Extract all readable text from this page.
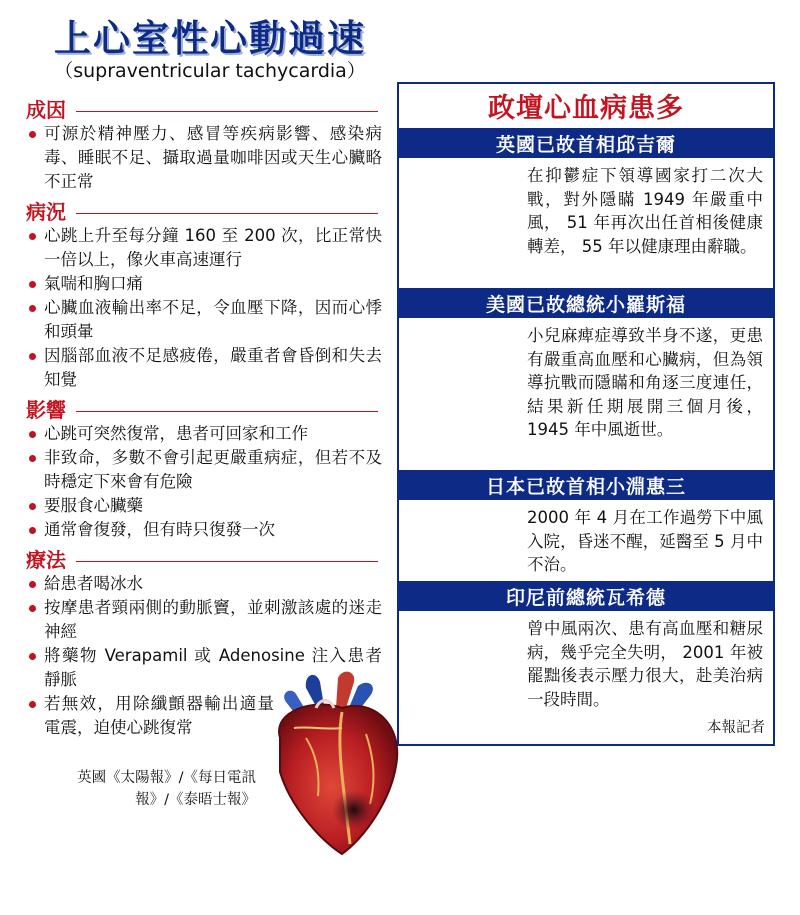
上心室性心動過速
（supraventricular tachycardia）
成因
可源於精神壓力、感冒等疾病影響、感染病毒、睡眠不足、攝取過量咖啡因或天生心臟略不正常
病況
心跳上升至每分鐘 160 至 200 次，比正常快一倍以上，像火車高速運行
氣喘和胸口痛
心臟血液輸出率不足，令血壓下降，因而心悸和頭暈
因腦部血液不足感疲倦，嚴重者會昏倒和失去知覺
影響
心跳可突然復常，患者可回家和工作
非致命，多數不會引起更嚴重病症，但若不及時穩定下來會有危險
要服食心臟藥
通常會復發，但有時只復發一次
療法
給患者喝冰水
按摩患者頸兩側的動脈竇，並刺激該處的迷走神經
將藥物 Verapamil 或 Adenosine 注入患者靜脈
若無效，用除纖顫器輸出適量電震，迫使心跳復常
英國《太陽報》/《每日電訊
報》/《泰晤士報》
政壇心血病患多
英國已故首相邱吉爾
在抑鬱症下領導國家打二次大戰，對外隱瞞 1949 年嚴重中風， 51 年再次出任首相後健康轉差， 55 年以健康理由辭職。
美國已故總統小羅斯福
小兒麻痺症導致半身不遂，更患有嚴重高血壓和心臟病，但為領導抗戰而隱瞞和角逐三度連任，結果新任期展開三個月後， 1945 年中風逝世。
日本已故首相小淵惠三
2000 年 4 月在工作過勞下中風入院，昏迷不醒，延醫至 5 月中不治。
印尼前總統瓦希德
曾中風兩次、患有高血壓和糖尿病，幾乎完全失明， 2001 年被罷黜後表示壓力很大，赴美治病一段時間。
本報記者
